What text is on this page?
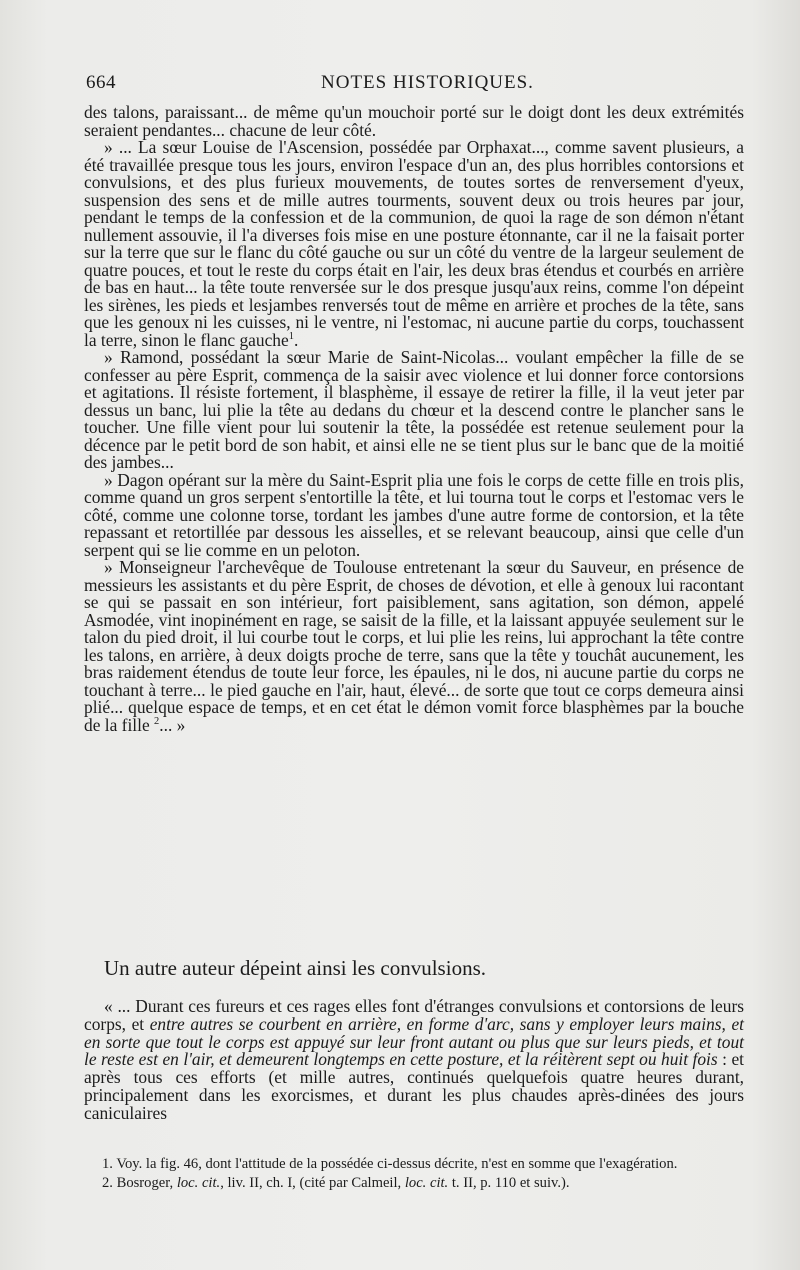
664	NOTES HISTORIQUES.

des talons, paraissant... de même qu'un mouchoir porté sur le doigt dont les deux extrémités seraient pendantes... chacune de leur côté.

» ... La sœur Louise de l'Ascension, possédée par Orphaxat..., comme savent plusieurs, a été travaillée presque tous les jours, environ l'espace d'un an, des plus horribles contorsions et convulsions, et des plus furieux mouvements, de toutes sortes de renversement d'yeux, suspension des sens et de mille autres tourments, souvent deux ou trois heures par jour, pendant le temps de la confession et de la communion, de quoi la rage de son démon n'étant nullement assouvie, il l'a diverses fois mise en une posture étonnante, car il ne la faisait porter sur la terre que sur le flanc du côté gauche ou sur un côté du ventre de la largeur seulement de quatre pouces, et tout le reste du corps était en l'air, les deux bras étendus et courbés en arrière de bas en haut... la tête toute renversée sur le dos presque jusqu'aux reins, comme l'on dépeint les sirènes, les pieds et lesjambes renversés tout de même en arrière et proches de la tête, sans que les genoux ni les cuisses, ni le ventre, ni l'estomac, ni aucune partie du corps, touchassent la terre, sinon le flanc gauche$^1$.

» Ramond, possédant la sœur Marie de Saint-Nicolas... voulant empêcher la fille de se confesser au père Esprit, commença de la saisir avec violence et lui donner force contorsions et agitations. Il résiste fortement, il blasphème, il essaye de retirer la fille, il la veut jeter par dessus un banc, lui plie la tête au dedans du chœur et la descend contre le plancher sans le toucher. Une fille vient pour lui soutenir la tête, la possédée est retenue seulement pour la décence par le petit bord de son habit, et ainsi elle ne se tient plus sur le banc que de la moitié des jambes...

» Dagon opérant sur la mère du Saint-Esprit plia une fois le corps de cette fille en trois plis, comme quand un gros serpent s'entortille la tête, et lui tourna tout le corps et l'estomac vers le côté, comme une colonne torse, tordant les jambes d'une autre forme de contorsion, et la tête repassant et retortillée par dessous les aisselles, et se relevant beaucoup, ainsi que celle d'un serpent qui se lie comme en un peloton.

» Monseigneur l'archevêque de Toulouse entretenant la sœur du Sauveur, en présence de messieurs les assistants et du père Esprit, de choses de dévotion, et elle à genoux lui racontant se qui se passait en son intérieur, fort paisiblement, sans agitation, son démon, appelé Asmodée, vint inopinément en rage, se saisit de la fille, et la laissant appuyée seulement sur le talon du pied droit, il lui courbe tout le corps, et lui plie les reins, lui approchant la tête contre les talons, en arrière, à deux doigts proche de terre, sans que la tête y touchât aucunement, les bras raidement étendus de toute leur force, les épaules, ni le dos, ni aucune partie du corps ne touchant à terre... le pied gauche en l'air, haut, élevé... de sorte que tout ce corps demeura ainsi plié... quelque espace de temps, et en cet état le démon vomit force blasphèmes par la bouche de la fille $^2$... »

Un autre auteur dépeint ainsi les convulsions.
« ... Durant ces fureurs et ces rages elles font d'étranges convulsions et contorsions de leurs corps, et entre autres se courbent en arrière, en forme d'arc, sans y employer leurs mains, et en sorte que tout le corps est appuyé sur leur front autant ou plus que sur leurs pieds, et tout le reste est en l'air, et demeurent longtemps en cette posture, et la réitèrent sept ou huit fois : et après tous ces efforts (et mille autres, continués quelquefois quatre heures durant, principalement dans les exorcismes, et durant les plus chaudes après-dinées des jours caniculaires

1. Voy. la fig. 46, dont l'attitude de la possédée ci-dessus décrite, n'est en somme que l'exagération.

2. Bosroger, loc. cit., liv. II, ch. I, (cité par Calmeil, loc. cit. t. II, p. 110 et suiv.).
